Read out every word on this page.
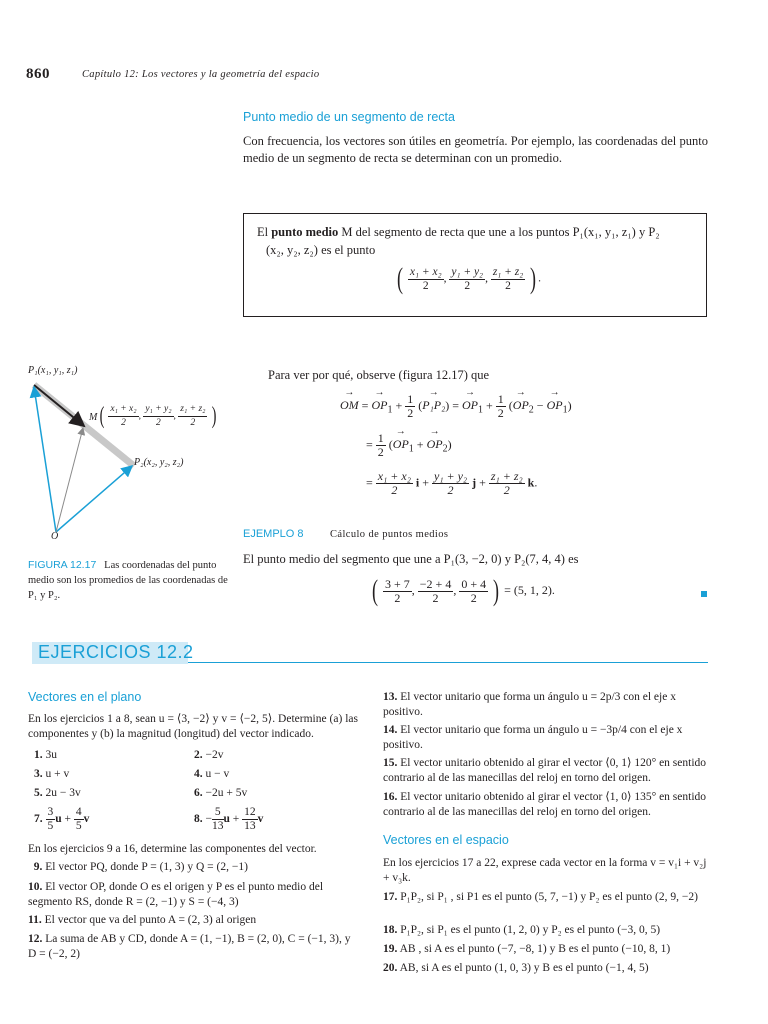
860	Capítulo 12: Los vectores y la geometría del espacio
Punto medio de un segmento de recta
Con frecuencia, los vectores son útiles en geometría. Por ejemplo, las coordenadas del punto medio de un segmento de recta se determinan con un promedio.
El punto medio M del segmento de recta que une a los puntos P₁(x₁, y₁, z₁) y P₂
(x₂, y₂, z₂) es el punto
( $\frac{\text{x₁ + x₂}}{2}$ , $\frac{\text{y₁ + y₂}}{2}$ , $\frac{\text{z₁ + z₂}}{2}$ ) .
P₁(x₁, y₁, z₁)
M ( $\frac{\text{x₁ + x₂}}{2}$ , $\frac{\text{y₁ + y₂}}{2}$ , $\frac{\text{z₁ + z₂}}{2}$ )
P₂(x₂, y₂, z₂)
O
FIGURA 12.17 Las coordenadas del punto medio son los promedios de las coordenadas de P₁ y P₂.
Para ver por qué, observe (figura 12.17) que
→ OM = → $OP_1 + \frac{1}{2}$ (→ P₁P₂) = → $OP_1 + \frac{1}{2}$ (→ $OP_2$ − → $OP_1$)
= $\frac{1}{2}$ (→ $OP_1$ + → $OP_2$)
= $\frac{\text{x₁ + x₂}}{2}$ $i + \frac{\text{y₁ + y₂}}{2}$ $j + \frac{\text{z₁ + z₂}}{2} k$.
EJEMPLO 8	Cálculo de puntos medios
El punto medio del segmento que une a P₁(3, −2, 0) y P₂(7, 4, 4) es
( $\frac{3 + 7}{2}$ , $\frac{-2 + 4}{2}$ , $\frac{0 + 4}{2}$ ) = (5, 1, 2).
EJERCICIOS 12.2
Vectores en el plano
En los ejercicios 1 a 8, sean u = ⟨3, −2⟩ y v = ⟨−2, 5⟩. Determine (a) las componentes y (b) la magnitud (longitud) del vector indicado.
1. 3u	2. −2v
3. u + v	4. u − v
5. 2u − 3v	6. −2u + 5v
7. $\frac{3}{5}$ $u + \frac{4}{5}$ v	8. − $\frac{5}{13}$ $u + \frac{12}{13}$ v
En los ejercicios 9 a 16, determine las componentes del vector.
9. El vector PQ, donde P = (1, 3) y Q = (2, −1)
10. El vector OP, donde O es el origen y P es el punto medio del segmento RS, donde R = (2, −1) y S = (−4, 3)
11. El vector que va del punto A = (2, 3) al origen
12. La suma de AB y CD, donde A = (1, −1), B = (2, 0), C = (−1, 3), y D = (−2, 2)
13. El vector unitario que forma un ángulo u = 2p/3 con el eje x positivo.
14. El vector unitario que forma un ángulo u = −3p/4 con el eje x positivo.
15. El vector unitario obtenido al girar el vector ⟨0, 1⟩ 120° en sentido contrario al de las manecillas del reloj en torno del origen.
16. El vector unitario obtenido al girar el vector ⟨1, 0⟩ 135° en sentido contrario al de las manecillas del reloj en torno del origen.
Vectores en el espacio
En los ejercicios 17 a 22, exprese cada vector en la forma v = v₁i + v₂j + v₃k.
17. P₁P₂, si P₁ , si P1 es el punto (5, 7, −1) y P₂ es el punto (2, 9, −2)
18. P₁P₂, si P₁ es el punto (1, 2, 0) y P₂ es el punto (−3, 0, 5)
19. AB , si A es el punto (−7, −8, 1) y B es el punto (−10, 8, 1)
20. AB, si A es el punto (1, 0, 3) y B es el punto (−1, 4, 5)
